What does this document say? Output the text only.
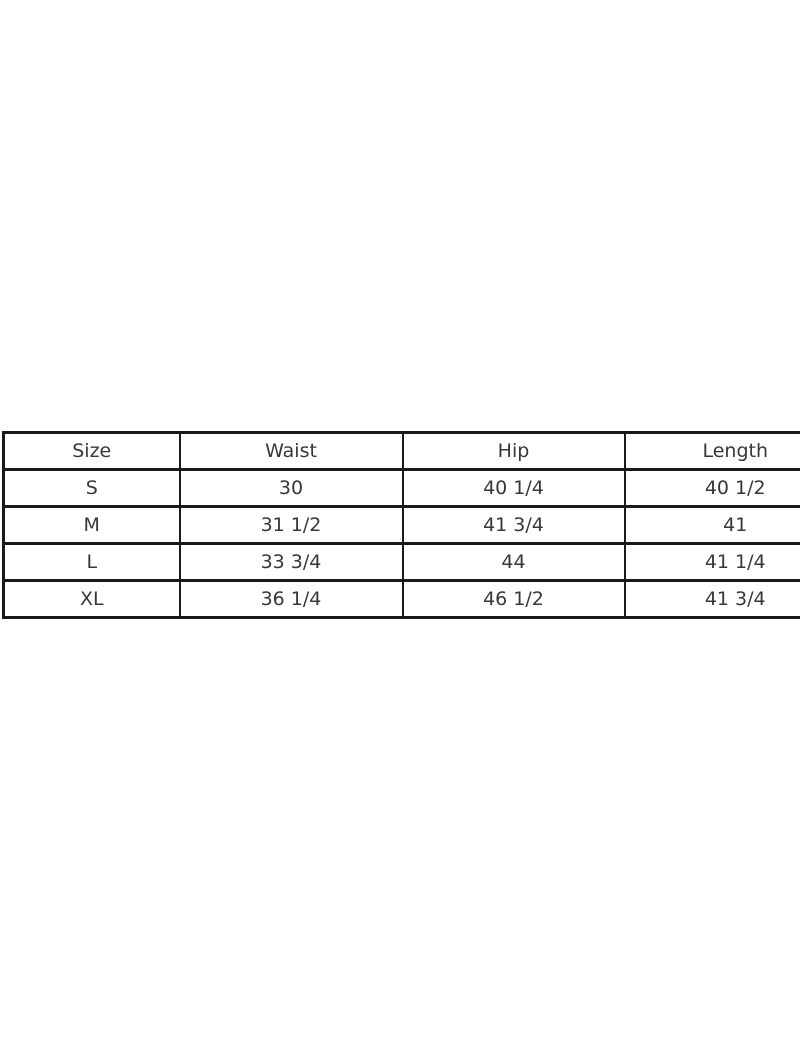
Size	Waist	Hip	Length
S	30	40 1/4	40 1/2
M	31 1/2	41 3/4	41
L	33 3/4	44	41 1/4
XL	36 1/4	46 1/2	41 3/4
